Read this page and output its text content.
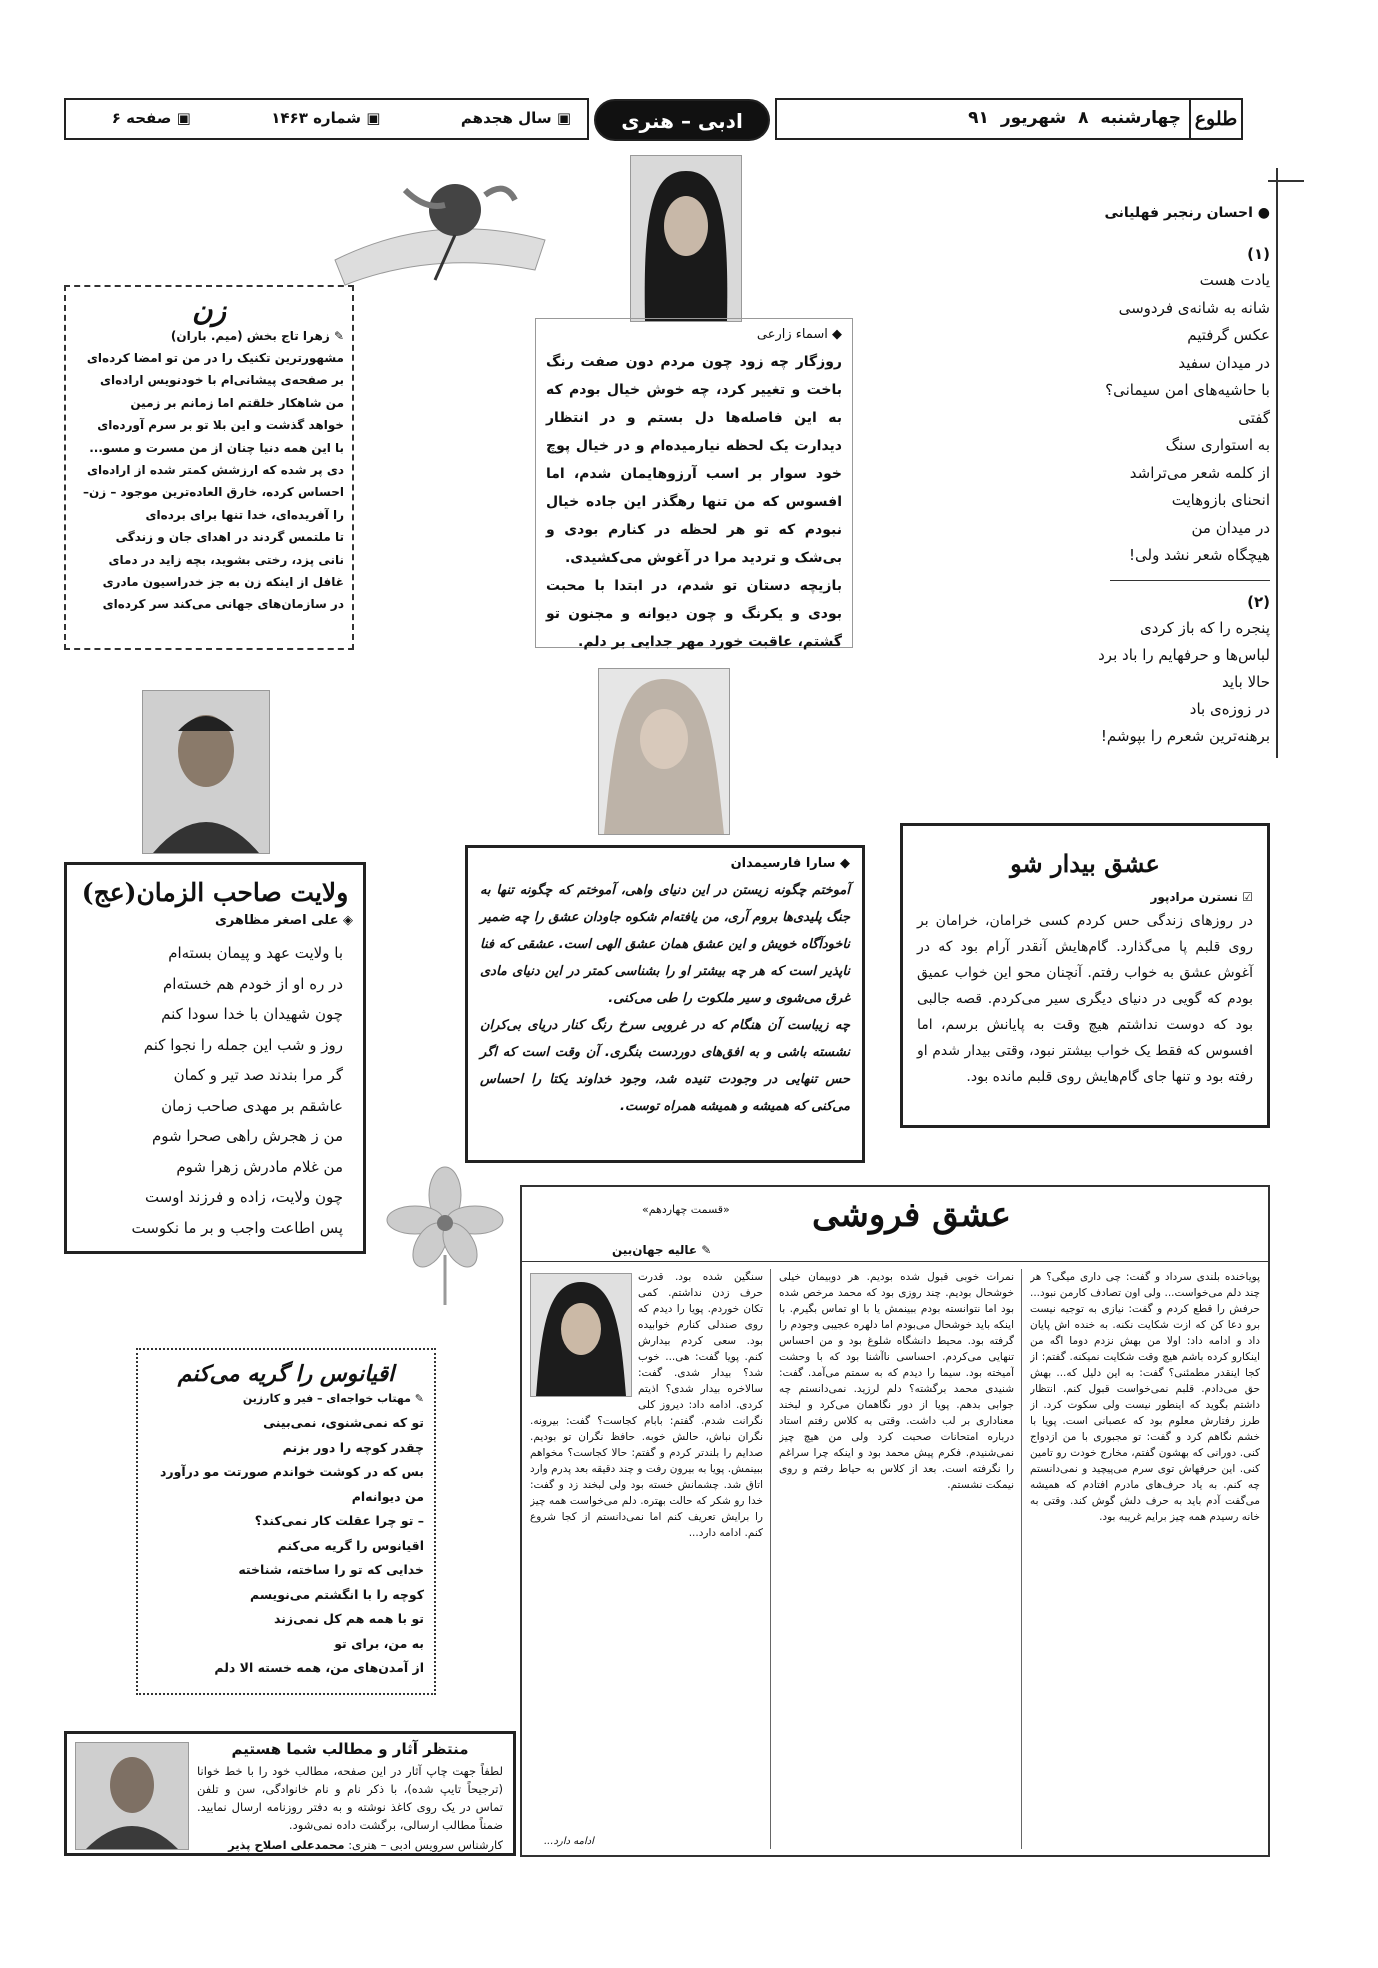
طلوع
چهارشنبه ۸ شهریور ۹۱
ادبی – هنری
▣ سال هجدهم  ▣ شماره ۱۴۶۳  ▣ صفحه ۶
● احسان رنجبر فهلیانی
(۱)
یادت هست
شانه به شانه‌ی فردوسی
عکس گرفتیم
در میدان سفید
با حاشیه‌های امن سیمانی؟
گفتی
به استواری سنگ
از کلمه شعر می‌تراشد
انحنای بازوهایت
در میدان من
هیچگاه شعر نشد ولی!
(۲)
پنجره را که باز کردی
لباس‌ها و حرفهایم را باد برد
حالا باید
در زوزه‌ی باد
برهنه‌ترین شعرم را بپوشم!
◆ اسماء زارعی

روزگار چه زود چون مردم دون صفت رنگ باخت و تغییر کرد، چه خوش خیال بودم که به این فاصله‌ها دل بستم و در انتظار دیدارت یک لحظه نیارمیده‌ام و در خیال پوچ خود سوار بر اسب آرزوهایمان شدم، اما افسوس که من تنها رهگذر این جاده خیال نبودم که تو هر لحظه در کنارم بودی و بی‌شک و تردید مرا در آغوش می‌کشیدی.

بازیچه دستان تو شدم، در ابتدا با محبت بودی و یکرنگ و چون دیوانه و مجنون تو گشتم، عاقبت خورد مهر جدایی بر دلم.

زن
✎ زهرا تاج بخش (میم. باران)
مشهورترین تکنیک را در من تو امضا کرده‌ای
بر صفحه‌ی پیشانی‌ام با خودنویس اراده‌ای
من شاهکار خلقتم اما زمانم بر زمین
خواهد گذشت و این بلا تو بر سرم آورده‌ای
با این همه دنیا چنان از من مسرت و مسو...
دی پر شده که ارزشش کمتر شده از اراده‌ای
احساس کرده، خارق العاده‌ترین موجود – زن–
را آفریده‌ای، خدا تنها برای برده‌ای
تا ملتمس گردند در اهدای جان و زندگی
نانی پزد، رختی بشوید، بچه زاید در دمای
غافل از اینکه زن به جز خدراسیون مادری
در سازمان‌های جهانی می‌کند سر کرده‌ای
ولایت صاحب الزمان(عج)
◈ علی اصغر مظاهری
با ولایت عهد و پیمان بسته‌ام
در ره او از خودم هم خسته‌ام
چون شهیدان با خدا سودا کنم
روز و شب این جمله را نجوا کنم
گر مرا بندند صد تیر و کمان
عاشقم بر مهدی صاحب زمان
من ز هجرش راهی صحرا شوم
من غلام مادرش زهرا شوم
چون ولایت، زاده و فرزند اوست
پس اطاعت واجب و بر ما نکوست
◆ سارا فارسیمدان

آموختم چگونه زیستن در این دنیای واهی، آموختم که چگونه تنها به جنگ پلیدی‌ها بروم آری، من یافته‌ام شکوه جاودان عشق را چه ضمیر ناخودآگاه خویش و این عشق همان عشق الهی است. عشقی که فنا ناپذیر است که هر چه بیشتر او را بشناسی کمتر در این دنیای مادی غرق می‌شوی و سیر ملکوت را طی می‌کنی.

چه زیباست آن هنگام که در غروبی سرخ رنگ کنار دریای بی‌کران نشسته باشی و به افق‌های دوردست بنگری. آن وقت است که اگر حس تنهایی در وجودت تنیده شد، وجود خداوند یکتا را احساس می‌کنی که همیشه و همیشه همراه توست.

عشق بیدار شو
☑ نسترن مرادپور

در روزهای زندگی حس کردم کسی خرامان، خرامان بر روی قلبم پا می‌گذارد. گام‌هایش آنقدر آرام بود که در آغوش عشق به خواب رفتم. آنچنان محو این خواب عمیق بودم که گویی در دنیای دیگری سیر می‌کردم. قصه جالبی بود که دوست نداشتم هیچ وقت به پایانش برسم، اما افسوس که فقط یک خواب بیشتر نبود، وقتی بیدار شدم او رفته بود و تنها جای گام‌هایش روی قلبم مانده بود.

«قسمت چهاردهم» عشق فروشی
✎ عالیه جهان‌بین

پویاخنده بلندی سرداد و گفت: چی داری میگی؟ هر چند دلم می‌خواست... ولی اون تصادف کارمن نبود... حرفش را قطع کردم و گفت: نیازی به توجیه نیست برو دعا کن که ازت شکایت نکنه. به خنده اش پایان داد و ادامه داد: اولا من بهش نزدم دوما اگه من اینکارو کرده باشم هیچ وقت شکایت نمیکنه. گفتم: از کجا اینقدر مطمئنی؟ گفت: به این دلیل که... بهش حق می‌دادم. قلبم نمی‌خواست قبول کنم. انتظار داشتم بگوید که اینطور نیست ولی سکوت کرد. از طرز رفتارش معلوم بود که عصبانی است. پویا با خشم نگاهم کرد و گفت: تو مجبوری با من ازدواج کنی. دورانی که بهشون گفتم، مخارج خودت رو تامین کنی. این حرفهاش توی سرم می‌پیچید و نمی‌دانستم چه کنم. به یاد حرف‌های مادرم افتادم که همیشه می‌گفت آدم باید به حرف دلش گوش کند. وقتی به خانه رسیدم همه چیز برایم غریبه بود.

نمرات خوبی قبول شده بودیم. هر دوبیمان خیلی خوشحال بودیم. چند روزی بود که محمد مرخص شده بود اما نتوانسته بودم ببینمش یا با او تماس بگیرم. با اینکه باید خوشحال می‌بودم اما دلهره عجیبی وجودم را گرفته بود. محیط دانشگاه شلوغ بود و من احساس تنهایی می‌کردم. احساسی ناآشنا بود که با وحشت آمیخته بود. سیما را دیدم که به سمتم می‌آمد. گفت: شنیدی محمد برگشته؟ دلم لرزید. نمی‌دانستم چه جوابی بدهم. پویا از دور نگاهمان می‌کرد و لبخند معناداری بر لب داشت. وقتی به کلاس رفتم استاد درباره امتحانات صحبت کرد ولی من هیچ چیز نمی‌شنیدم. فکرم پیش محمد بود و اینکه چرا سراغم را نگرفته است. بعد از کلاس به حیاط رفتم و روی نیمکت نشستم.

سنگین شده بود. قدرت حرف زدن نداشتم. کمی تکان خوردم. پویا را دیدم که روی صندلی کنارم خوابیده بود. سعی کردم بیدارش کنم. پویا گفت: هی... خوب شد؟ بیدار شدی. گفت: سالاخره بیدار شدی؟ اذیتم کردی. ادامه داد: دیروز کلی نگرانت شدم. گفتم: بابام کجاست؟ گفت: بیرونه. نگران نباش، حالش خوبه. حافظ نگران تو بودیم. صدایم را بلندتر کردم و گفتم: حالا کجاست؟ مخواهم ببینمش. پویا به بیرون رفت و چند دقیقه بعد پدرم وارد اتاق شد. چشمانش خسته بود ولی لبخند زد و گفت: خدا رو شکر که حالت بهتره. دلم می‌خواست همه چیز را برایش تعریف کنم اما نمی‌دانستم از کجا شروع کنم. ادامه دارد...

ادامه دارد...
اقیانوس را گریه می‌کنم
✎ مهتاب خواجه‌ای – فیر و کارزین
تو که نمی‌شنوی، نمی‌بینی
چقدر کوچه را دور بزنم
بس که در کوشت خواندم صورتت مو درآورد
من دیوانه‌ام
– تو چرا عقلت کار نمی‌کند؟
اقیانوس را گریه می‌کنم
خدایی که تو را ساخته، شناخته
کوچه را با انگشتم می‌نویسم
تو با همه هم کل نمی‌زند
به من، برای تو
از آمدن‌های من، همه خسته الا دلم
منتظر آثار و مطالب شما هستیم

لطفاً جهت چاپ آثار در این صفحه، مطالب خود را با خط خوانا (ترجیحاً تایپ شده)، با ذکر نام و نام خانوادگی، سن و تلفن تماس در یک روی کاغذ نوشته و به دفتر روزنامه ارسال نمایید. ضمناً مطالب ارسالی، برگشت داده نمی‌شود.

کارشناس سرویس ادبی – هنری: محمدعلی اصلاح پذیر
